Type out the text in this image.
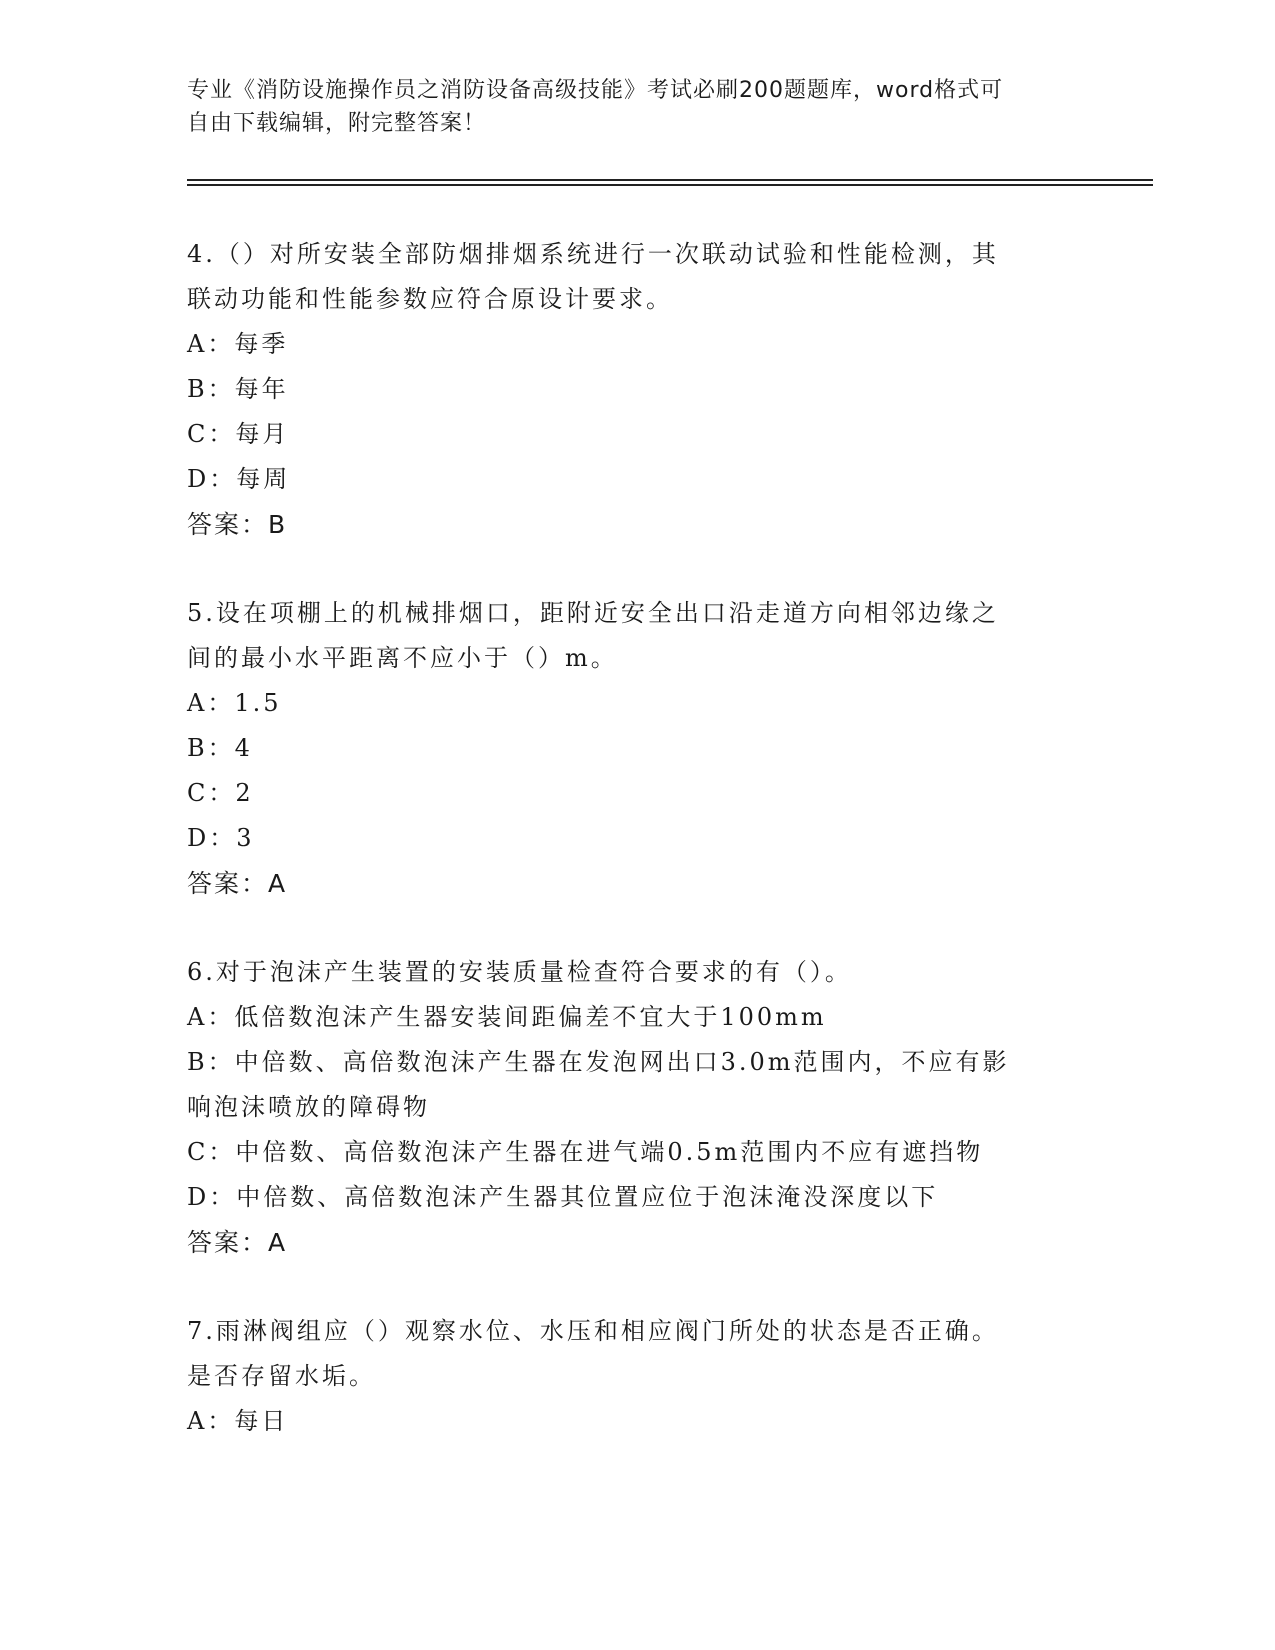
专业《消防设施操作员之消防设备高级技能》考试必刷200题题库，word格式可
自由下载编辑，附完整答案！

4.（）对所安装全部防烟排烟系统进行一次联动试验和性能检测，其

联动功能和性能参数应符合原设计要求。

A：每季

B：每年

C：每月

D：每周

答案：B

5.设在项棚上的机械排烟口，距附近安全出口沿走道方向相邻边缘之

间的最小水平距离不应小于（）m。

A：1.5

B：4

C：2

D：3

答案：A

6.对于泡沫产生装置的安装质量检查符合要求的有（）。

A：低倍数泡沫产生器安装间距偏差不宜大于100mm

B：中倍数、高倍数泡沫产生器在发泡网出口3.0m范围内，不应有影

响泡沫喷放的障碍物

C：中倍数、高倍数泡沫产生器在进气端0.5m范围内不应有遮挡物

D：中倍数、高倍数泡沫产生器其位置应位于泡沫淹没深度以下

答案：A

7.雨淋阀组应（）观察水位、水压和相应阀门所处的状态是否正确。

是否存留水垢。

A：每日
